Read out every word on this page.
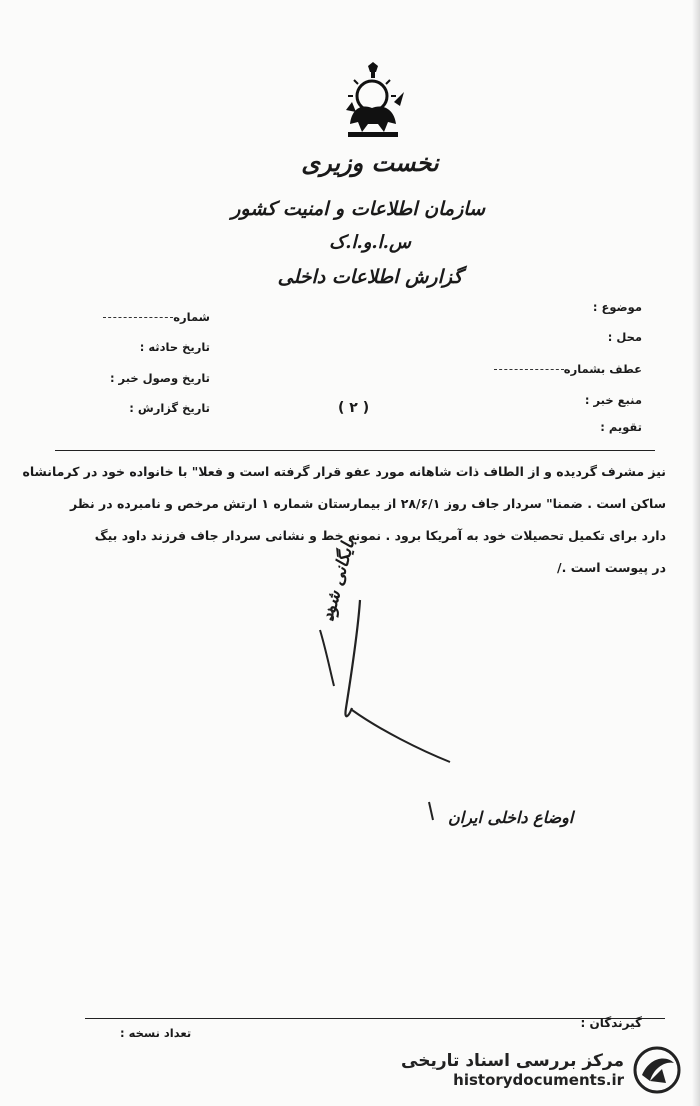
نخست وزیری
سازمان اطلاعات و امنیت کشور
س.ا.و.ا.ک
گزارش اطلاعات داخلی
موضوع :
محل :
عطف بشماره
منبع خبر :
تقویم :
شماره
تاریخ حادثه :
تاریخ وصول خبر :
تاریخ گزارش :	( ۲ )
نیز مشرف گردیده و از الطاف ذات شاهانه مورد عفو قرار گرفته است و فعلا" با خانواده خود در کرمانشاه
ساکن است . ضمنا" سردار جاف روز ۲۸/۶/۱ از بیمارستان شماره ۱ ارتش مرخص و نامبرده در نظر
دارد برای تکمیل تحصیلات خود به آمریکا برود . نمونه خط و نشانی سردار جاف فرزند داود بیگ
در پیوست است ./
بایگانی شود
اوضاع داخلی ایران
گیرندگان :
تعداد نسخه :
مرکز بررسی اسناد تاریخی
historydocuments.ir
